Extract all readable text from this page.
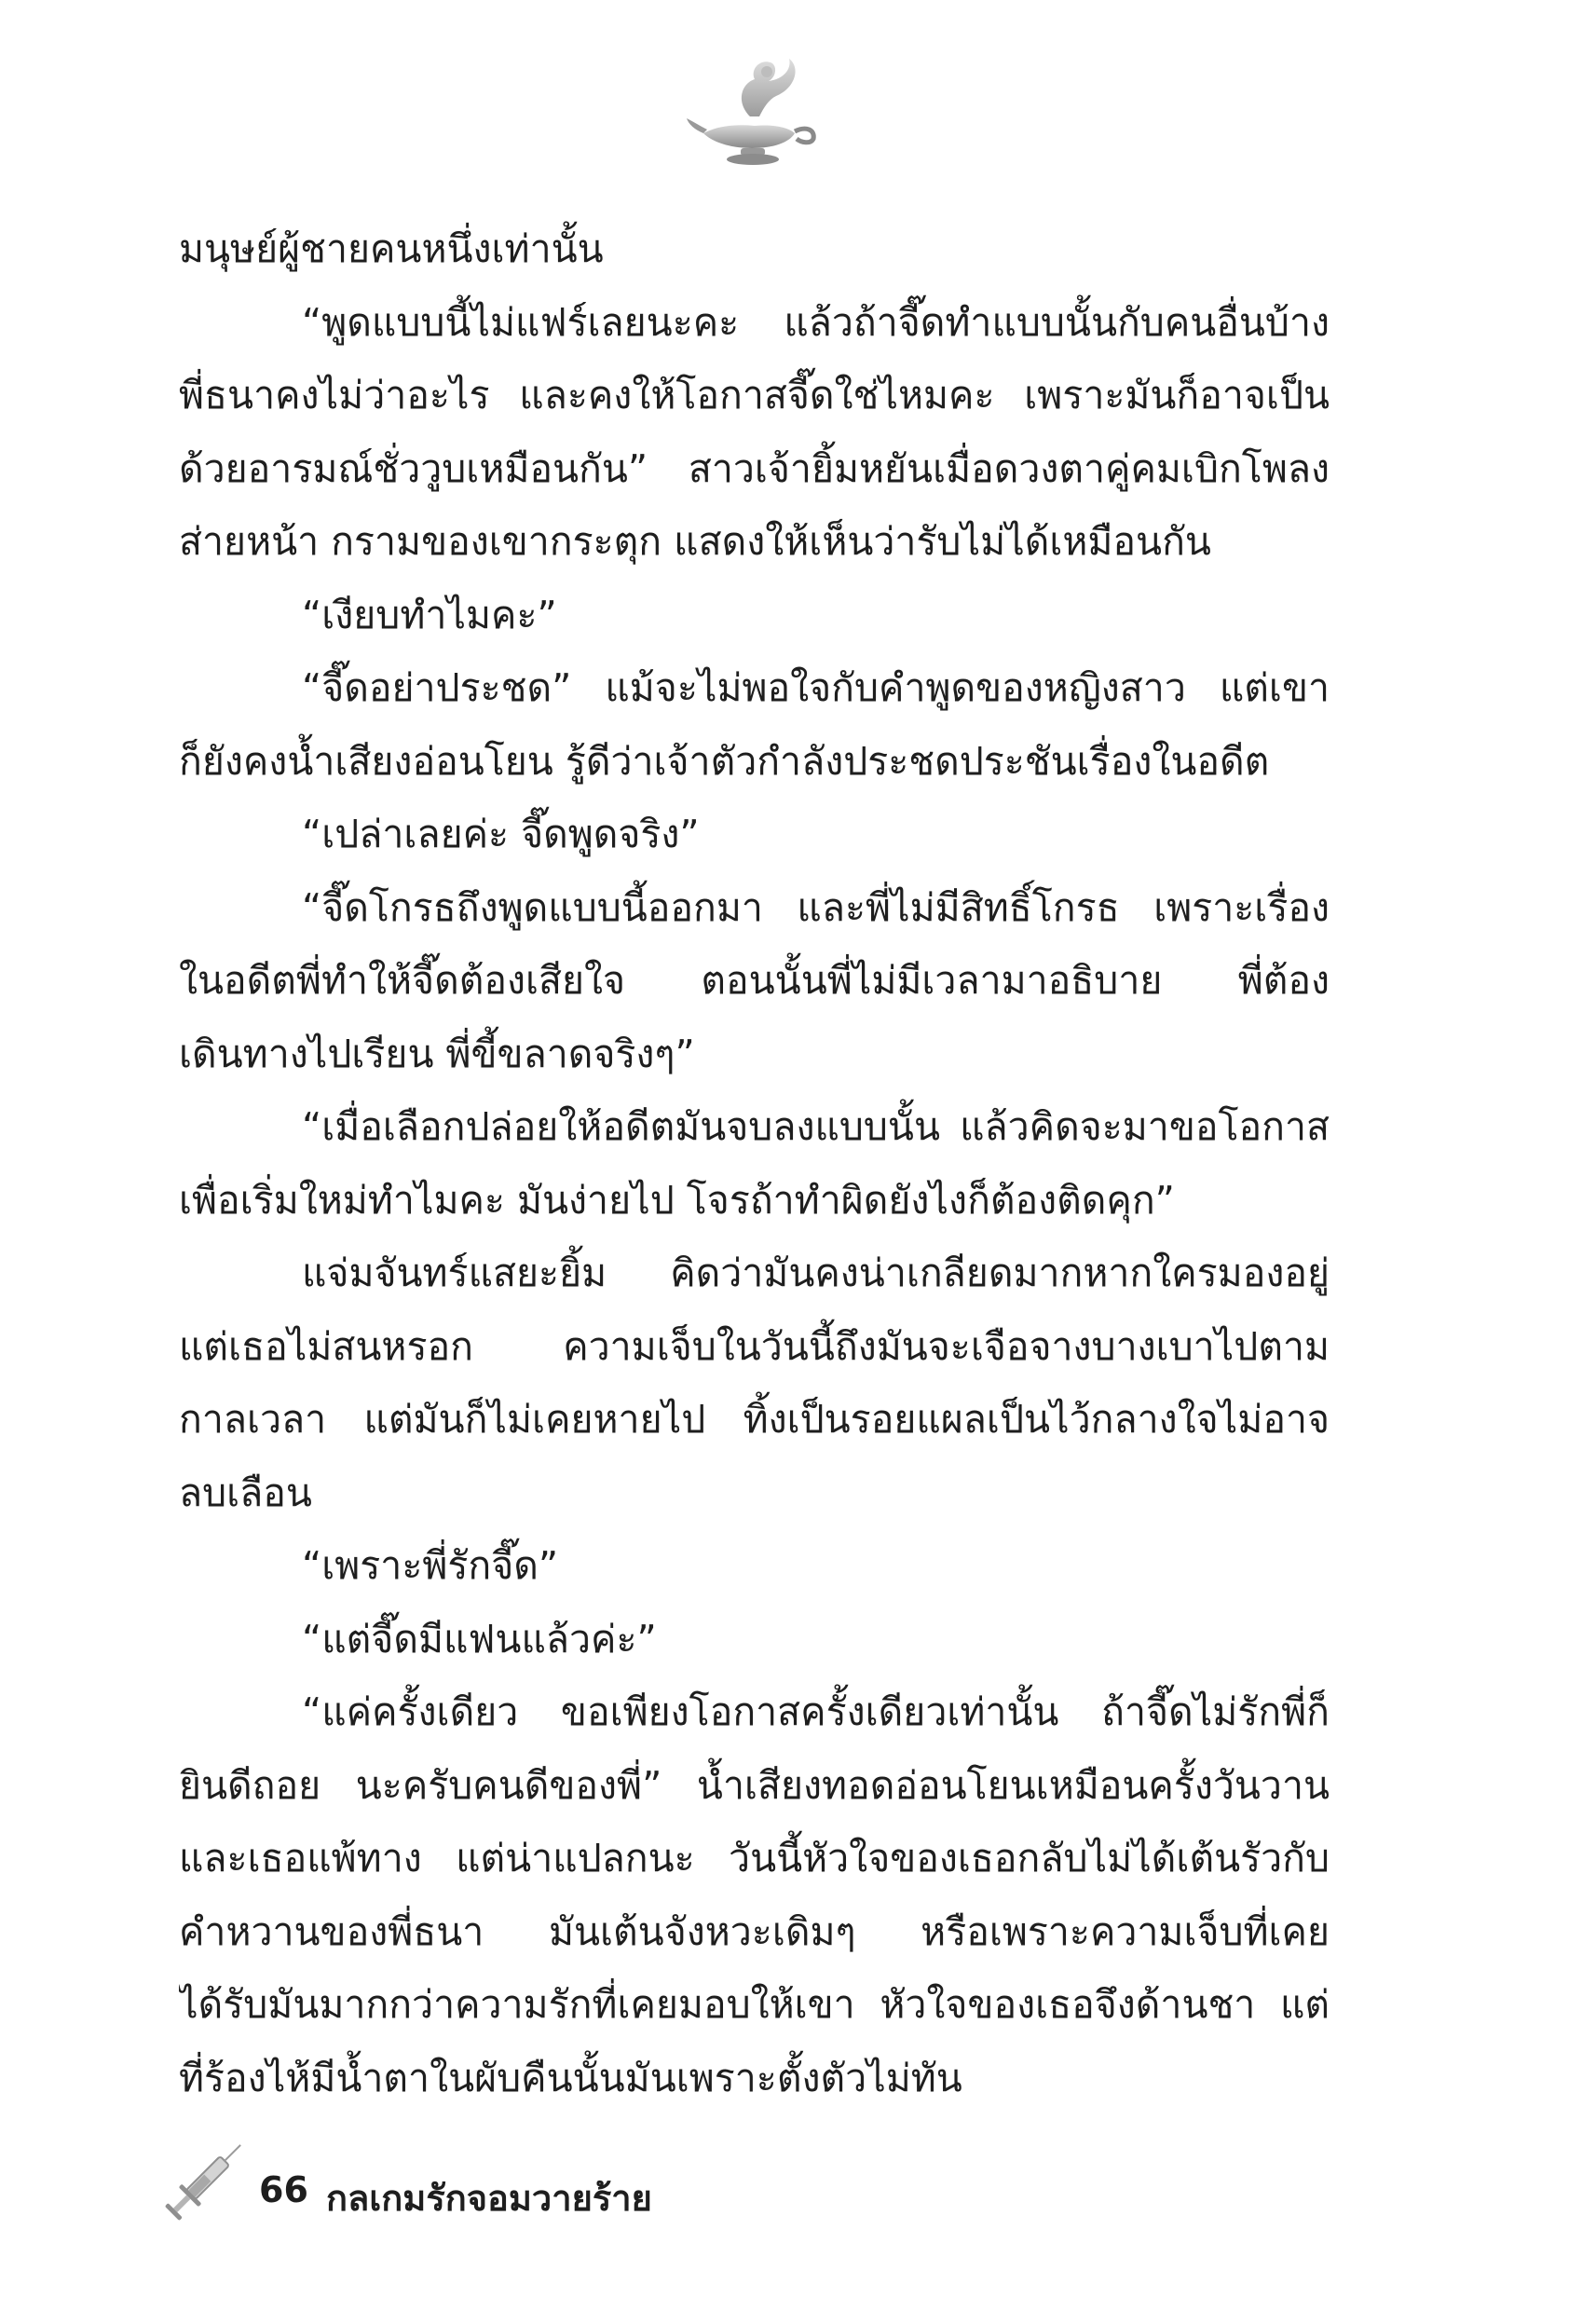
มนุษย์ผู้ชายคนหนึ่งเท่านั้น
“พูดแบบนี้ไม่แฟร์เลยนะคะ แล้วถ้าจี๊ดทำแบบนั้นกับคนอื่นบ้าง
พี่ธนาคงไม่ว่าอะไร และคงให้โอกาสจี๊ดใช่ไหมคะ เพราะมันก็อาจเป็น
ด้วยอารมณ์ชั่ววูบเหมือนกัน” สาวเจ้ายิ้มหยันเมื่อดวงตาคู่คมเบิกโพลง
ส่ายหน้า กรามของเขากระตุก แสดงให้เห็นว่ารับไม่ได้เหมือนกัน
“เงียบทำไมคะ”
“จี๊ดอย่าประชด” แม้จะไม่พอใจกับคำพูดของหญิงสาว แต่เขา
ก็ยังคงน้ำเสียงอ่อนโยน รู้ดีว่าเจ้าตัวกำลังประชดประชันเรื่องในอดีต
“เปล่าเลยค่ะ จี๊ดพูดจริง”
“จี๊ดโกรธถึงพูดแบบนี้ออกมา และพี่ไม่มีสิทธิ์โกรธ เพราะเรื่อง
ในอดีตพี่ทำให้จี๊ดต้องเสียใจ ตอนนั้นพี่ไม่มีเวลามาอธิบาย พี่ต้อง
เดินทางไปเรียน พี่ขี้ขลาดจริงๆ”
“เมื่อเลือกปล่อยให้อดีตมันจบลงแบบนั้น แล้วคิดจะมาขอโอกาส
เพื่อเริ่มใหม่ทำไมคะ มันง่ายไป โจรถ้าทำผิดยังไงก็ต้องติดคุก”
แจ่มจันทร์แสยะยิ้ม คิดว่ามันคงน่าเกลียดมากหากใครมองอยู่
แต่เธอไม่สนหรอก ความเจ็บในวันนี้ถึงมันจะเจือจางบางเบาไปตาม
กาลเวลา แต่มันก็ไม่เคยหายไป ทิ้งเป็นรอยแผลเป็นไว้กลางใจไม่อาจ
ลบเลือน
“เพราะพี่รักจี๊ด”
“แต่จี๊ดมีแฟนแล้วค่ะ”
“แค่ครั้งเดียว ขอเพียงโอกาสครั้งเดียวเท่านั้น ถ้าจี๊ดไม่รักพี่ก็
ยินดีถอย นะครับคนดีของพี่” น้ำเสียงทอดอ่อนโยนเหมือนครั้งวันวาน
และเธอแพ้ทาง แต่น่าแปลกนะ วันนี้หัวใจของเธอกลับไม่ได้เต้นรัวกับ
คำหวานของพี่ธนา มันเต้นจังหวะเดิมๆ หรือเพราะความเจ็บที่เคย
ได้รับมันมากกว่าความรักที่เคยมอบให้เขา หัวใจของเธอจึงด้านชา แต่
ที่ร้องไห้มีน้ำตาในผับคืนนั้นมันเพราะตั้งตัวไม่ทัน
66 กลเกมรักจอมวายร้าย
